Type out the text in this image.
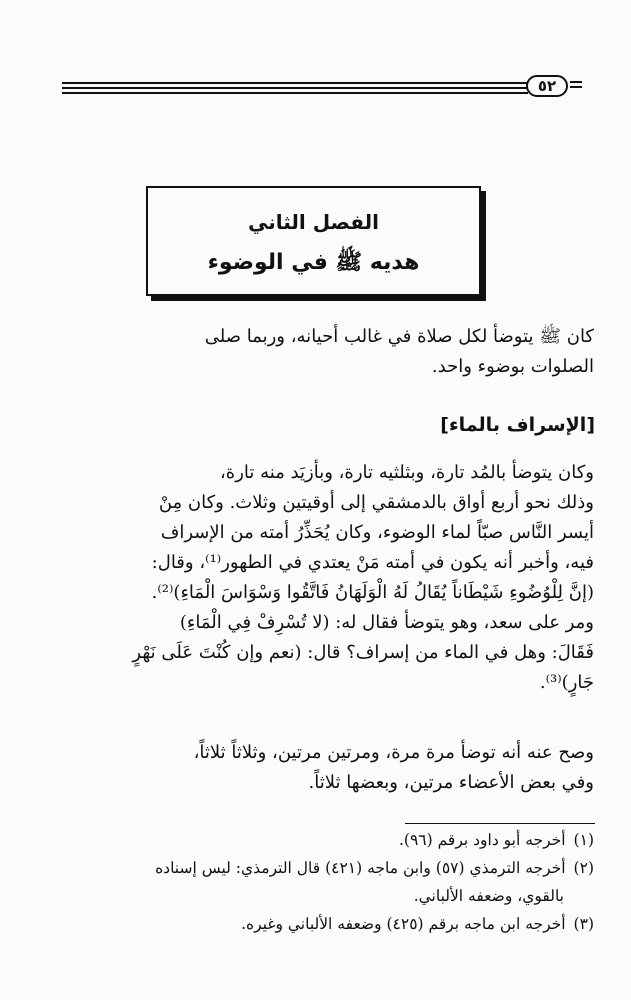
٥٢
الفصل الثاني
هديه ﷺ في الوضوء
كان ﷺ يتوضأ لكل صلاة في غالب أحيانه، وربما صلى
الصلوات بوضوء واحد.
[الإسراف بالماء]
وكان يتوضأ بالمُد تارة، وبثلثيه تارة، وبأزيَد منه تارة،
وذلك نحو أربع أواق بالدمشقي إلى أوقيتين وثلاث. وكان مِنْ
أيسر النَّاس صبّاً لماء الوضوء، وكان يُحَذِّرُ أمته من الإسراف
فيه، وأخبر أنه يكون في أمته مَنْ يعتدي في الطهور⁽¹⁾، وقال:
(إنَّ لِلْوُضُوءِ شَيْطَاناً يُقَالُ لَهُ الْوَلَهَانُ فَاتَّقُوا وَسْوَاسَ الْمَاءِ)⁽²⁾.
ومر على سعد، وهو يتوضأ فقال له: (لا تُسْرِفْ فِي الْمَاءِ)
فَقَالَ: وهل في الماء من إسراف؟ قال: (نعم وإن كُنْتَ عَلَى نَهْرٍ
جَارٍ)⁽³⁾.
وصح عنه أنه توضأ مرة مرة، ومرتين مرتين، وثلاثاً ثلاثاً،
وفي بعض الأعضاء مرتين، وبعضها ثلاثاً.

(١)أخرجه أبو داود برقم (٩٦).

(٢)أخرجه الترمذي (٥٧) وابن ماجه (٤٢١) قال الترمذي: ليس إسناده

بالقوي، وضعفه الألباني.

(٣)أخرجه ابن ماجه برقم (٤٢٥) وضعفه الألباني وغيره.
